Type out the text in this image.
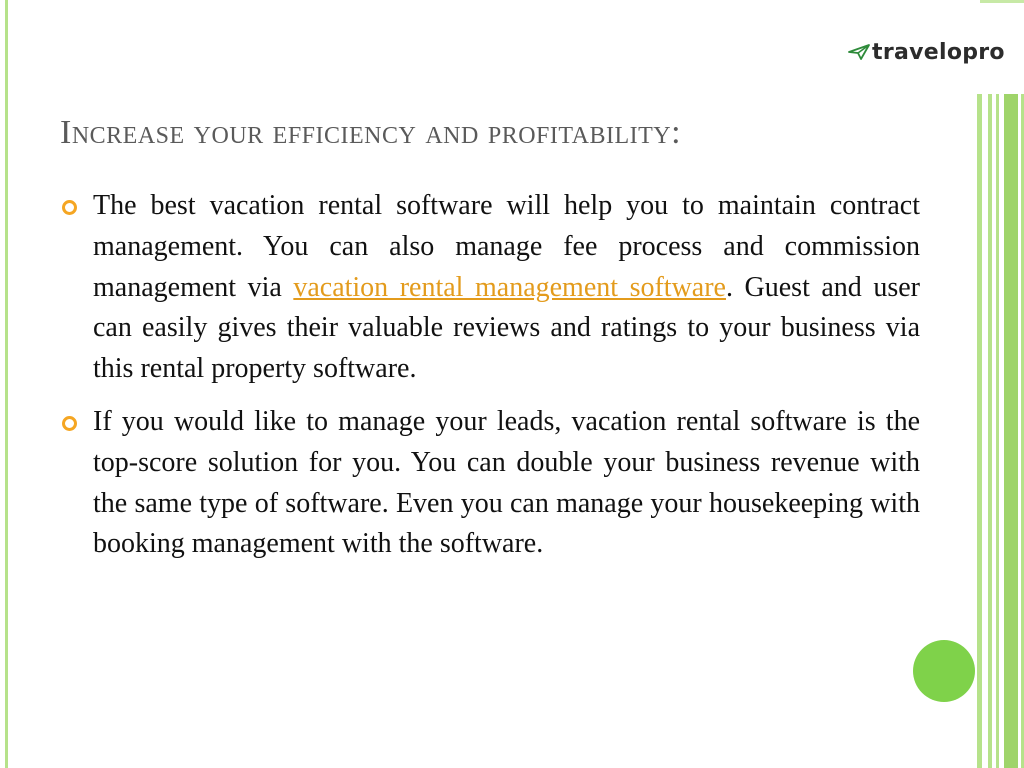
travelopro
Increase your efficiency and profitability:
The best vacation rental software will help you to maintain contract management. You can also manage fee process and commission management via vacation rental management software. Guest and user can easily gives their valuable reviews and ratings to your business via this rental property software.
If you would like to manage your leads, vacation rental software is the top-score solution for you. You can double your business revenue with the same type of software. Even you can manage your housekeeping with booking management with the software.
